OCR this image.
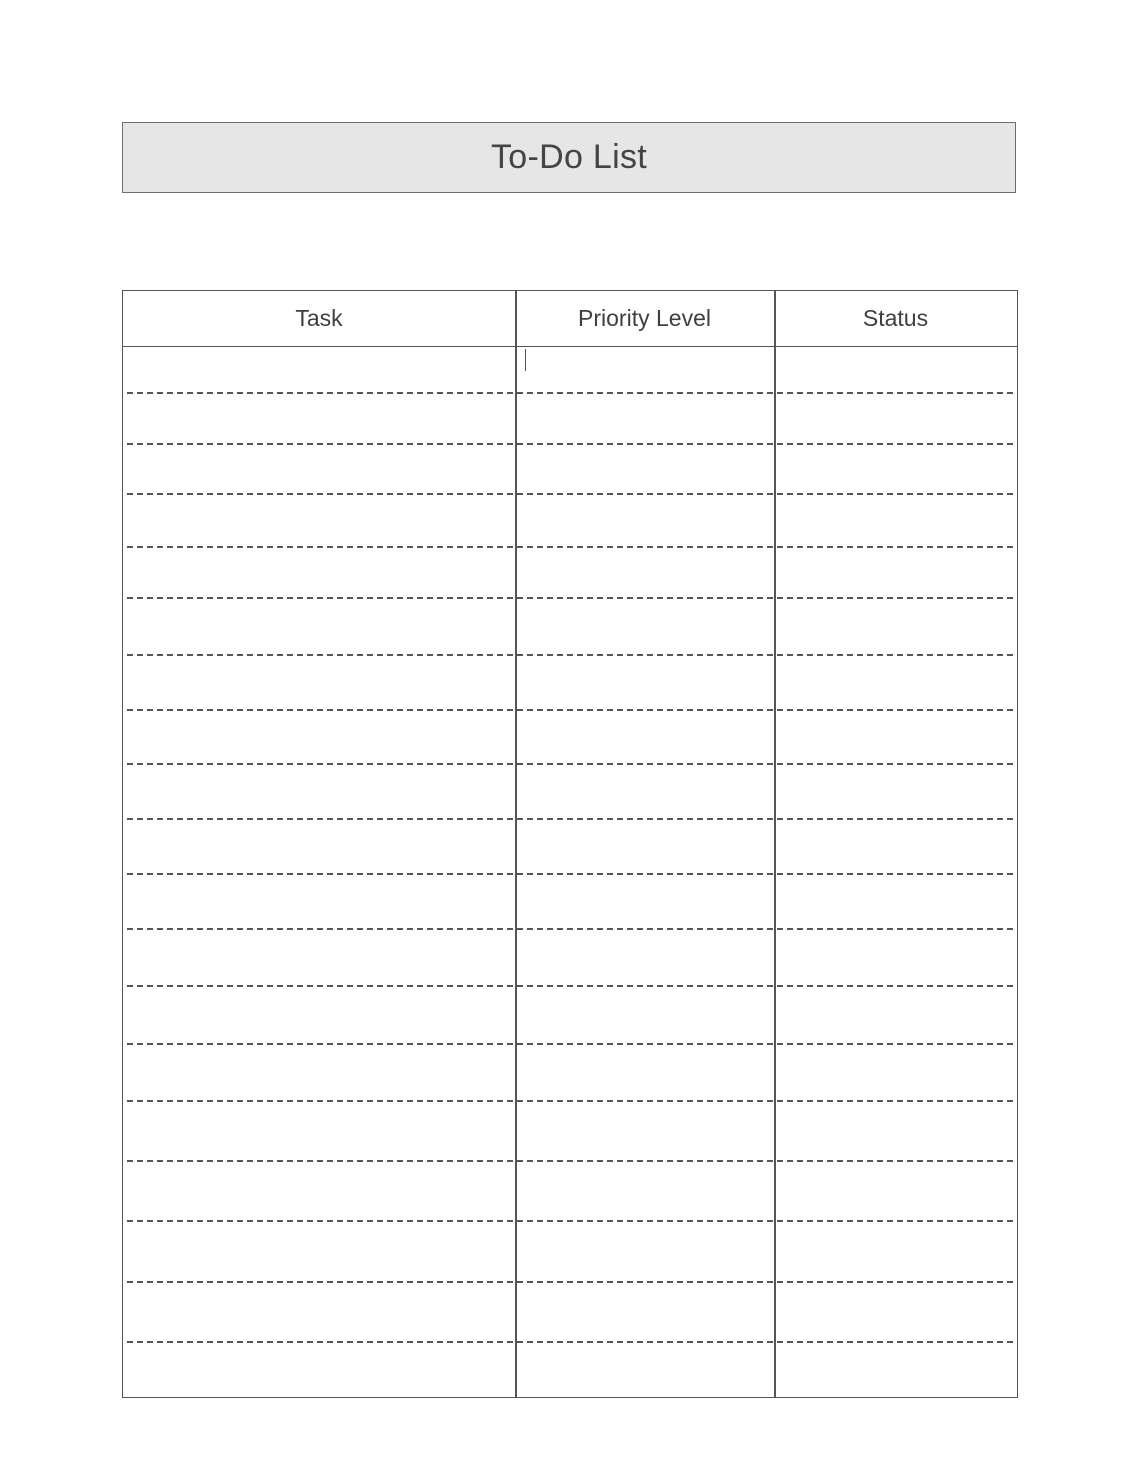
To-Do List
Task	Priority Level	Status
